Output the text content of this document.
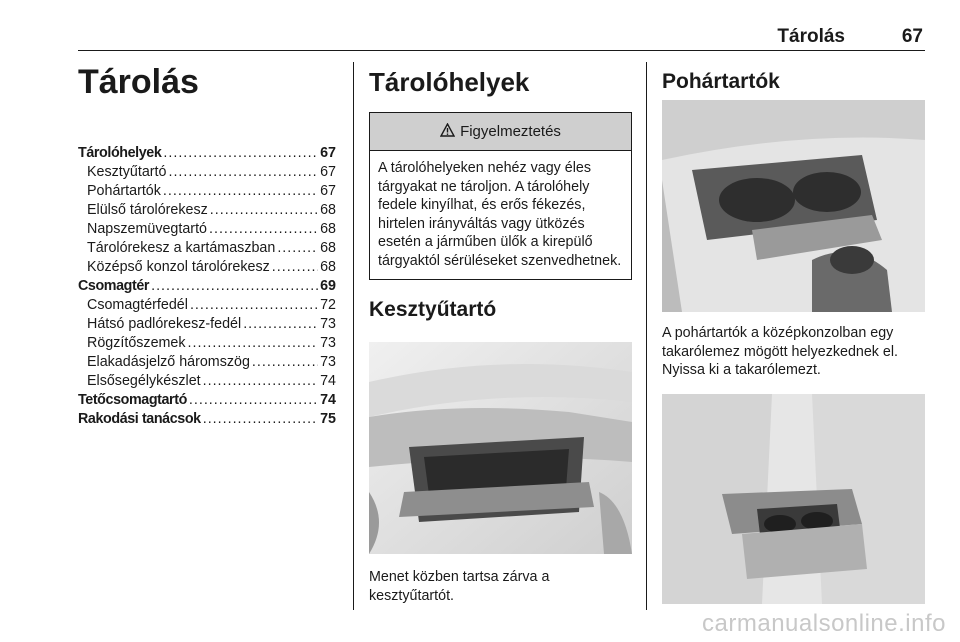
Tárolás	67
Tárolás
Tárolóhelyek .....	67
Kesztyűtartó .....	67
Pohártartók .....	67
Elülső tárolórekesz .....	68
Napszemüvegtartó .....	68
Tárolórekesz a kartámaszban .....	68
Középső konzol tárolórekesz .....	68
Csomagtér .....	69
Csomagtérfedél .....	72
Hátsó padlórekesz-fedél .....	73
Rögzítőszemek .....	73
Elakadásjelző háromszög .....	73
Elsősegélykészlet .....	74
Tetőcsomagtartó .....	74
Rakodási tanácsok .....	75
Tárolóhelyek
Figyelmeztetés
A tárolóhelyeken nehéz vagy éles tárgyakat ne tároljon. A tárolóhely fedele kinyílhat, és erős fékezés, hirtelen irányváltás vagy ütközés esetén a járműben ülők a kirepülő tárgyaktól sérüléseket szenvedhetnek.
Kesztyűtartó
Menet közben tartsa zárva a kesztyűtartót.
Pohártartók
A pohártartók a középkonzolban egy takarólemez mögött helyezkednek el. Nyissa ki a takarólemezt.
carmanualsonline.info
